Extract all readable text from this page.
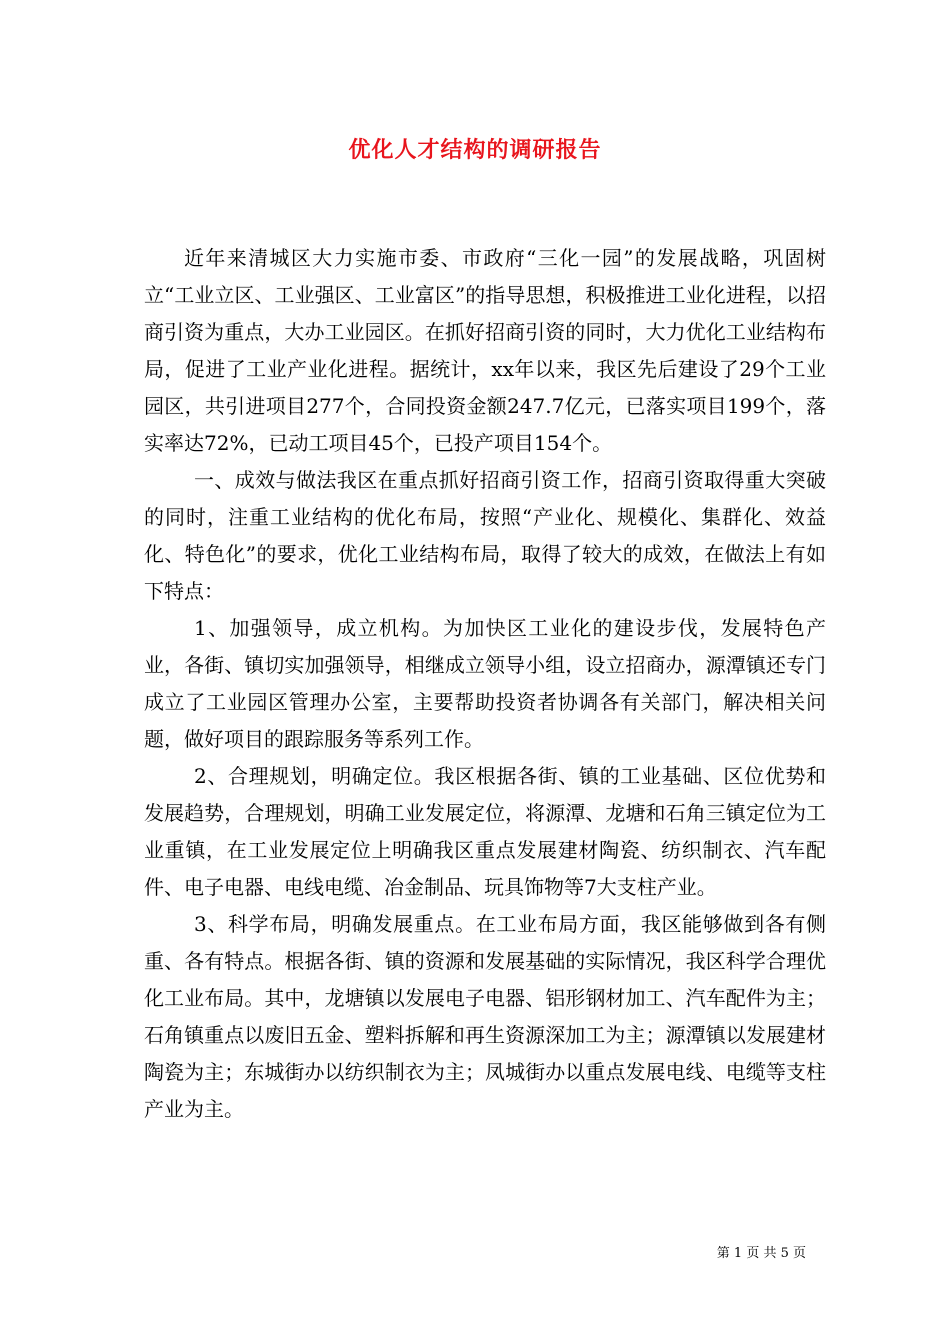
优化人才结构的调研报告

近年来清城区大力实施市委、市政府“三化一园”的发展战略，巩固树立“工业立区、工业强区、工业富区”的指导思想，积极推进工业化进程，以招商引资为重点，大办工业园区。在抓好招商引资的同时，大力优化工业结构布局，促进了工业产业化进程。据统计，xx年以来，我区先后建设了29个工业园区，共引进项目277个，合同投资金额247.7亿元，已落实项目199个，落实率达72%，已动工项目45个，已投产项目154个。

一、成效与做法我区在重点抓好招商引资工作，招商引资取得重大突破的同时，注重工业结构的优化布局，按照“产业化、规模化、集群化、效益化、特色化”的要求，优化工业结构布局，取得了较大的成效，在做法上有如下特点：

1、加强领导，成立机构。为加快区工业化的建设步伐，发展特色产业，各街、镇切实加强领导，相继成立领导小组，设立招商办，源潭镇还专门成立了工业园区管理办公室，主要帮助投资者协调各有关部门，解决相关问题，做好项目的跟踪服务等系列工作。

2、合理规划，明确定位。我区根据各街、镇的工业基础、区位优势和发展趋势，合理规划，明确工业发展定位，将源潭、龙塘和石角三镇定位为工业重镇，在工业发展定位上明确我区重点发展建材陶瓷、纺织制衣、汽车配件、电子电器、电线电缆、冶金制品、玩具饰物等7大支柱产业。

3、科学布局，明确发展重点。在工业布局方面，我区能够做到各有侧重、各有特点。根据各街、镇的资源和发展基础的实际情况，我区科学合理优化工业布局。其中，龙塘镇以发展电子电器、铝形钢材加工、汽车配件为主；石角镇重点以废旧五金、塑料拆解和再生资源深加工为主；源潭镇以发展建材陶瓷为主；东城街办以纺织制衣为主；凤城街办以重点发展电线、电缆等支柱产业为主。

第 1 页 共 5 页
